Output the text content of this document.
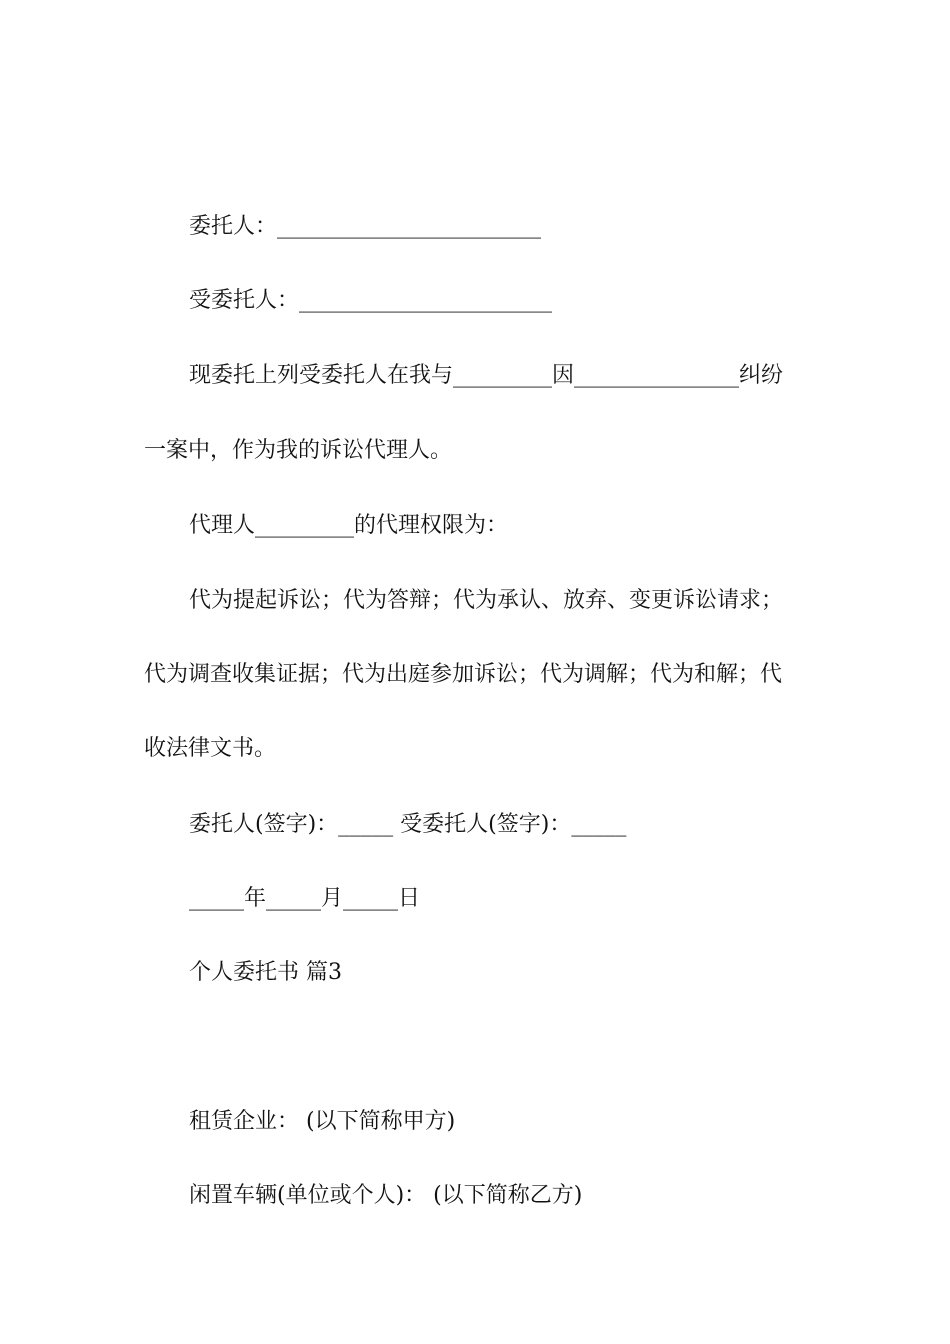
委托人：________________________
受委托人：_______________________
现委托上列受委托人在我与_________因_______________纠纷
一案中，作为我的诉讼代理人。
代理人_________的代理权限为：
代为提起诉讼；代为答辩；代为承认、放弃、变更诉讼请求；
代为调查收集证据；代为出庭参加诉讼；代为调解；代为和解；代
收法律文书。
委托人(签字)：_____ 受委托人(签字)：_____
_____年_____月_____日
个人委托书 篇3
租赁企业： (以下简称甲方)
闲置车辆(单位或个人)： (以下简称乙方)
